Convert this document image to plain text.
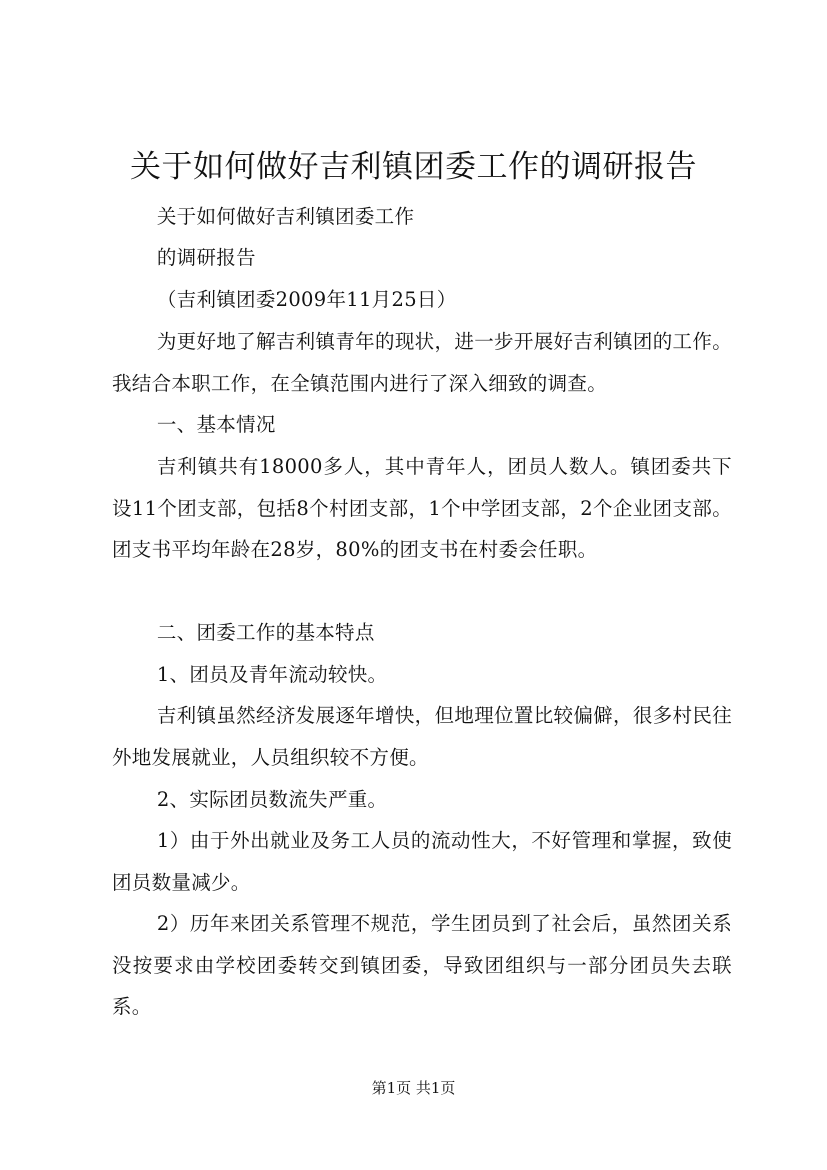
关于如何做好吉利镇团委工作的调研报告
关于如何做好吉利镇团委工作
的调研报告
（吉利镇团委2009年11月25日）
为更好地了解吉利镇青年的现状，进一步开展好吉利镇团的工作。我结合本职工作，在全镇范围内进行了深入细致的调查。
一、基本情况
吉利镇共有18000多人，其中青年人，团员人数人。镇团委共下设11个团支部，包括8个村团支部，1个中学团支部，2个企业团支部。团支书平均年龄在28岁，80%的团支书在村委会任职。
二、团委工作的基本特点
1、团员及青年流动较快。
吉利镇虽然经济发展逐年增快，但地理位置比较偏僻，很多村民往外地发展就业，人员组织较不方便。
2、实际团员数流失严重。
1）由于外出就业及务工人员的流动性大，不好管理和掌握，致使团员数量减少。
2）历年来团关系管理不规范，学生团员到了社会后，虽然团关系没按要求由学校团委转交到镇团委，导致团组织与一部分团员失去联系。
第1页 共1页
